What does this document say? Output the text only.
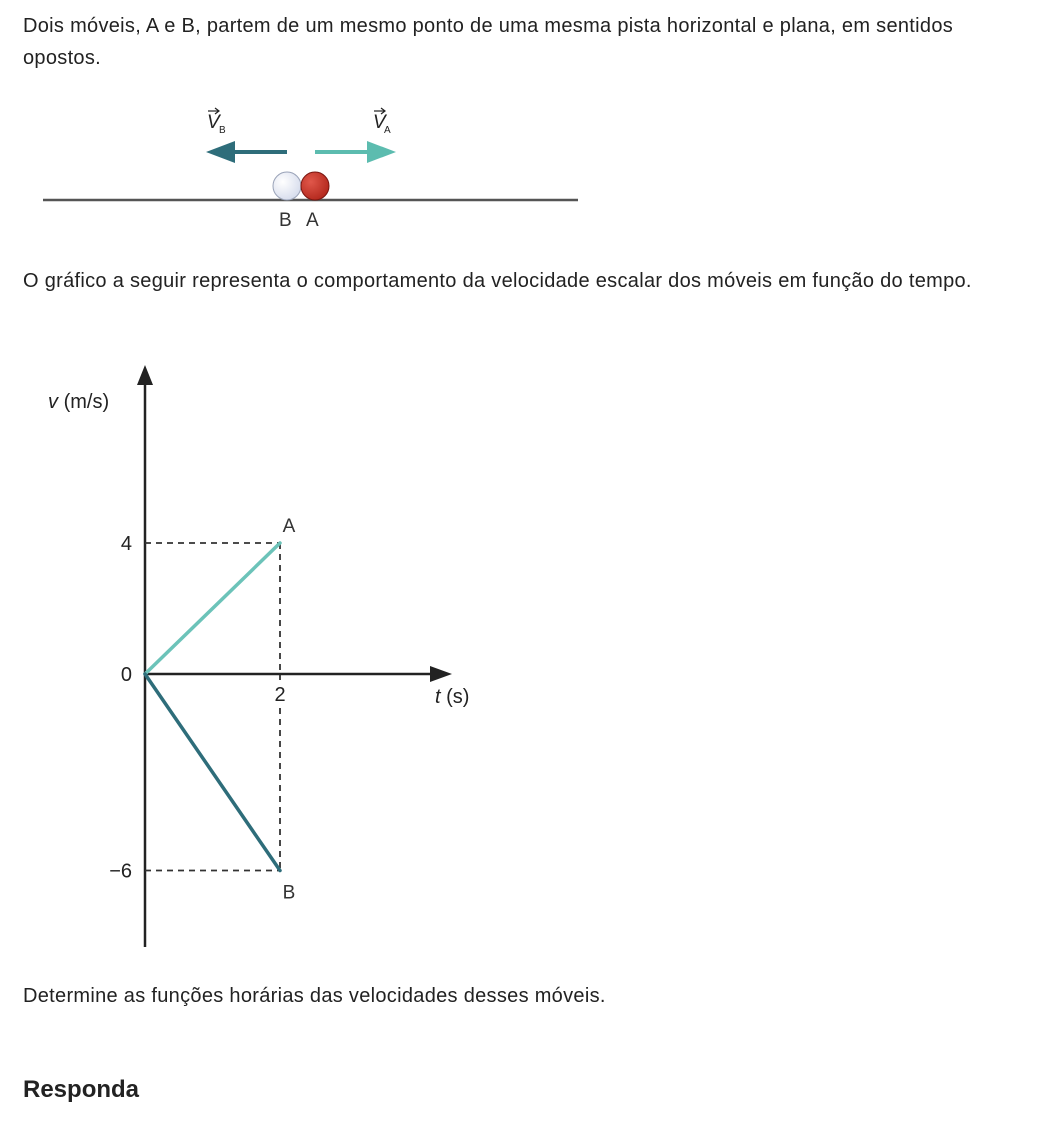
Dois móveis, A e B, partem de um mesmo ponto de uma mesma pista horizontal e plana, em sentidos opostos.

V B	V
A
B A

O gráfico a seguir representa o comportamento da velocidade escalar dos móveis em função do tempo.

v (m/s)
t (s)
4
0
−6
2
A
B

Determine as funções horárias das velocidades desses móveis.

Responda
